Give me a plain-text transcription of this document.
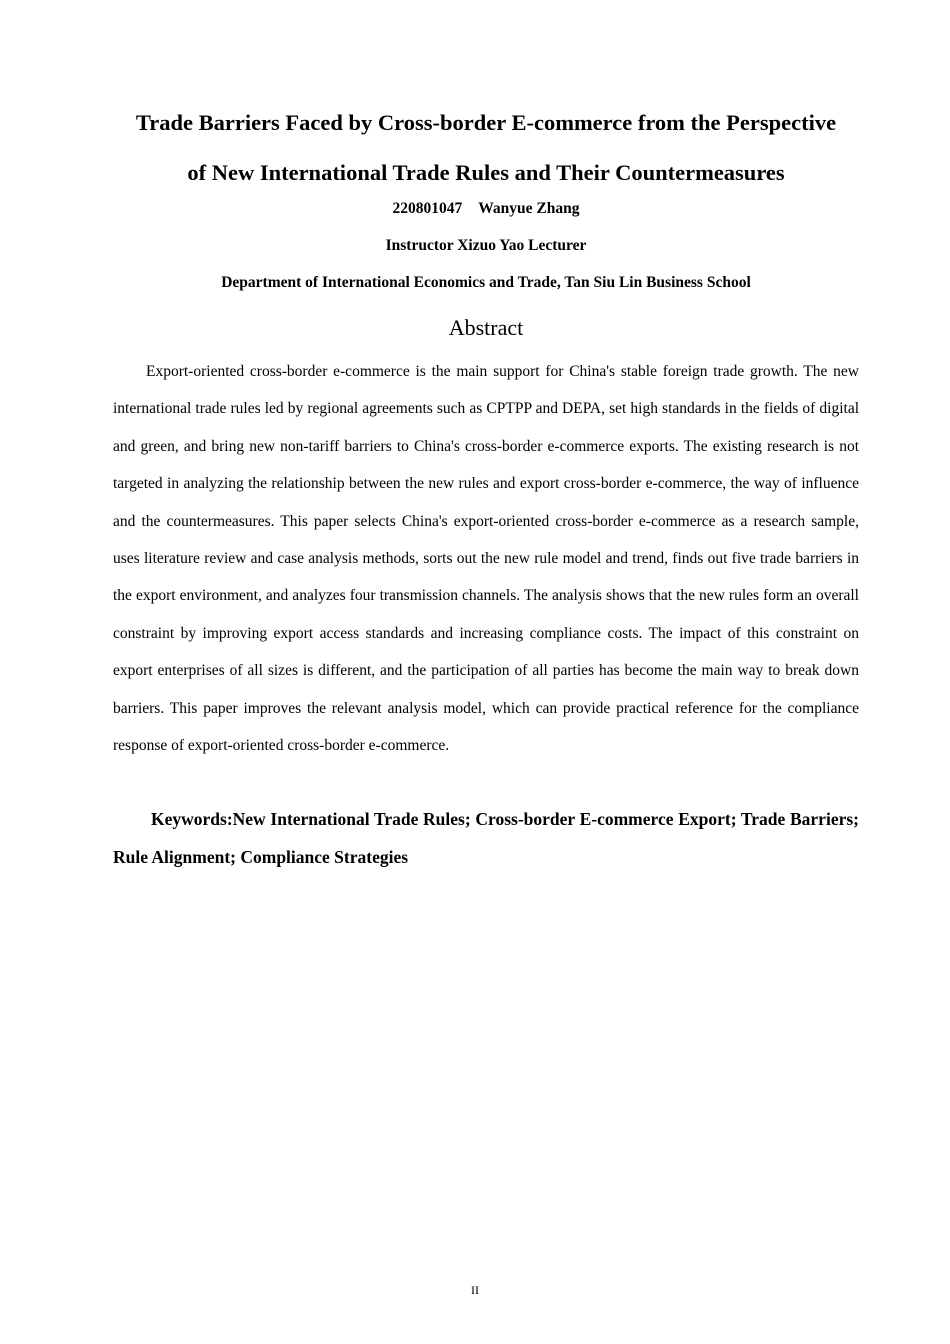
Trade Barriers Faced by Cross-border E-commerce from the Perspective
of New International Trade Rules and Their Countermeasures

220801047 Wanyue Zhang

Instructor Xizuo Yao Lecturer

Department of International Economics and Trade, Tan Siu Lin Business School

Abstract

Export-oriented cross-border e-commerce is the main support for China's stable foreign trade growth. The new international trade rules led by regional agreements such as CPTPP and DEPA, set high standards in the fields of digital and green, and bring new non-tariff barriers to China's cross-border e-commerce exports. The existing research is not targeted in analyzing the relationship between the new rules and export cross-border e-commerce, the way of influence and the countermeasures. This paper selects China's export-oriented cross-border e-commerce as a research sample, uses literature review and case analysis methods, sorts out the new rule model and trend, finds out five trade barriers in the export environment, and analyzes four transmission channels. The analysis shows that the new rules form an overall constraint by improving export access standards and increasing compliance costs. The impact of this constraint on export enterprises of all sizes is different, and the participation of all parties has become the main way to break down barriers. This paper improves the relevant analysis model, which can provide practical reference for the compliance response of export-oriented cross-border e-commerce.

Keywords:New International Trade Rules; Cross-border E-commerce Export; Trade Barriers; Rule Alignment; Compliance Strategies

II
